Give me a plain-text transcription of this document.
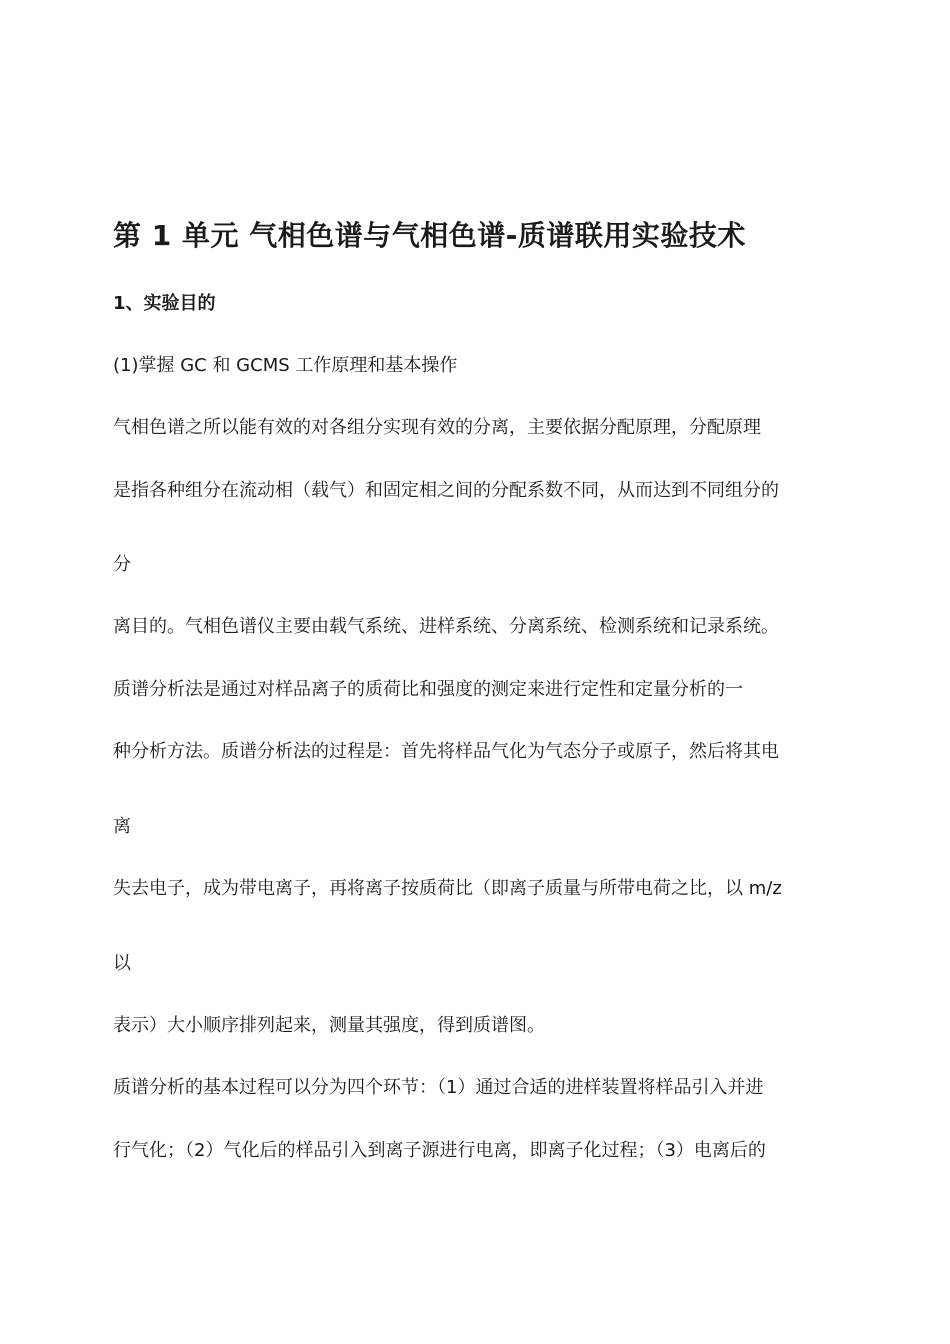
第 1 单元 气相色谱与气相色谱-质谱联用实验技术
1、实验目的
(1)掌握 GC 和 GCMS 工作原理和基本操作
气相色谱之所以能有效的对各组分实现有效的分离，主要依据分配原理，分配原理
是指各种组分在流动相（载气）和固定相之间的分配系数不同，从而达到不同组分的
分
离目的。气相色谱仪主要由载气系统、进样系统、分离系统、检测系统和记录系统。
质谱分析法是通过对样品离子的质荷比和强度的测定来进行定性和定量分析的一
种分析方法。质谱分析法的过程是：首先将样品气化为气态分子或原子，然后将其电
离
失去电子，成为带电离子，再将离子按质荷比（即离子质量与所带电荷之比，以 m/z
以
表示）大小顺序排列起来，测量其强度，得到质谱图。
质谱分析的基本过程可以分为四个环节：（1）通过合适的进样装置将样品引入并进
行气化；（2）气化后的样品引入到离子源进行电离，即离子化过程；（3）电离后的
